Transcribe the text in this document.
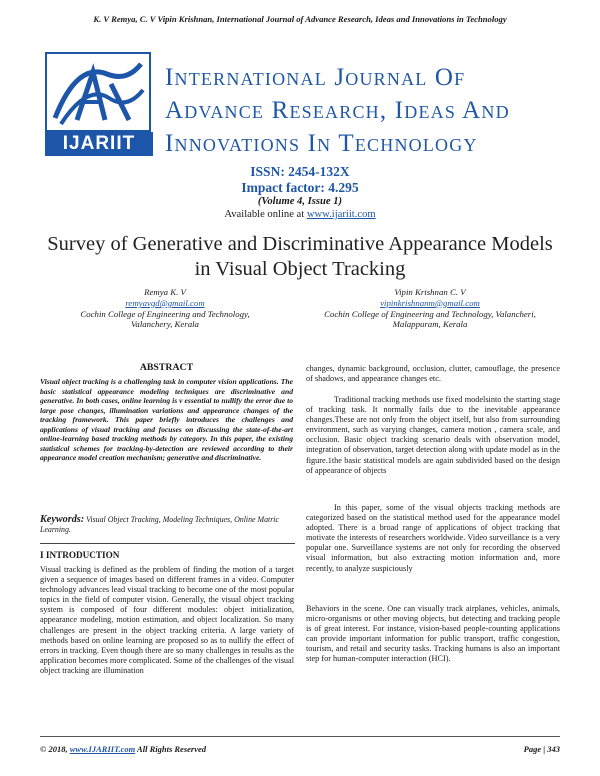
K. V Remya, C. V Vipin Krishnan, International Journal of Advance Research, Ideas and Innovations in Technology
IJARIIT
International Journal Of
Advance Research, Ideas And
Innovations In Technology
ISSN: 2454-132X
Impact factor: 4.295
(Volume 4, Issue 1)
Available online at www.ijariit.com
Survey of Generative and Discriminative Appearance Models in Visual Object Tracking
Remya K. V
remyavgd@gmail.com
Cochin College of Engineering and Technology,
Valanchery, Kerala
Vipin Krishnan C. V
vipinkrishnanm@gmail.com
Cochin College of Engineering and Technology, Valancheri,
Malappuram, Kerala
ABSTRACT
Visual object tracking is a challenging task in computer vision applications. The basic statistical appearance modeling techniques are discriminative and generative. In both cases, online learning is v essential to nullify the error due to large pose changes, illumination variations and appearance changes of the tracking framework. This paper briefly introduces the challenges and applications of visual tracking and focuses on discussing the state-of-the-art online-learning based tracking methods by category. In this paper, the existing statistical schemes for tracking-by-detection are reviewed according to their appearance model creation mechanism; generative and discriminative.
Keywords: Visual Object Tracking, Modeling Techniques, Online Matric Learning.
I INTRODUCTION
Visual tracking is defined as the problem of finding the motion of a target given a sequence of images based on different frames in a video. Computer technology advances lead visual tracking to become one of the most popular topics in the field of computer vision. Generally, the visual object tracking system is composed of four different modules: object initialization, appearance modeling, motion estimation, and object localization. So many challenges are present in the object tracking criteria. A large variety of methods based on online learning are proposed so as to nullify the effect of errors in tracking. Even though there are so many challenges in results as the application becomes more complicated. Some of the challenges of the visual object tracking are illumination
changes, dynamic background, occlusion, clutter, camouflage, the presence of shadows, and appearance changes etc.
Traditional tracking methods use fixed modelsinto the starting stage of tracking task. It normally fails due to the inevitable appearance changes.These are not only from the object itself, but also from surrounding environment, such as varying changes, camera motion , camera scale, and occlusion. Basic object tracking scenario deals with observation model, integration of observation, target detection along with update model as in the figure.1the basic statistical models are again subdivided based on the design of appearance of objects
In this paper, some of the visual objects tracking methods are categorized based on the statistical method used for the appearance model adopted. There is a broad range of applications of object tracking that motivate the interests of researchers worldwide. Video surveillance is a very popular one. Surveillance systems are not only for recording the observed visual information, but also extracting motion information and, more recently, to analyze suspiciously
Behaviors in the scene. One can visually track airplanes, vehicles, animals, micro-organisms or other moving objects, but detecting and tracking people is of great interest. For instance, vision-based people-counting applications can provide important information for public transport, traffic congestion, tourism, and retail and security tasks. Tracking humans is also an important step for human-computer interaction (HCI).
© 2018, www.IJARIIT.com All Rights Reserved	Page | 343
